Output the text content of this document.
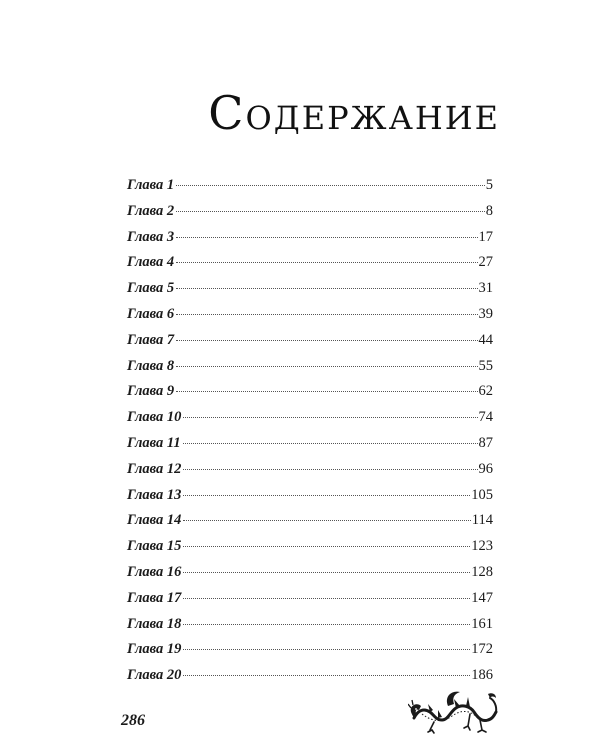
Содержание
Глава 1	5
Глава 2	8
Глава 3	17
Глава 4	27
Глава 5	31
Глава 6	39
Глава 7	44
Глава 8	55
Глава 9	62
Глава 10	74
Глава 11	87
Глава 12	96
Глава 13	105
Глава 14	114
Глава 15	123
Глава 16	128
Глава 17	147
Глава 18	161
Глава 19	172
Глава 20	186
286
